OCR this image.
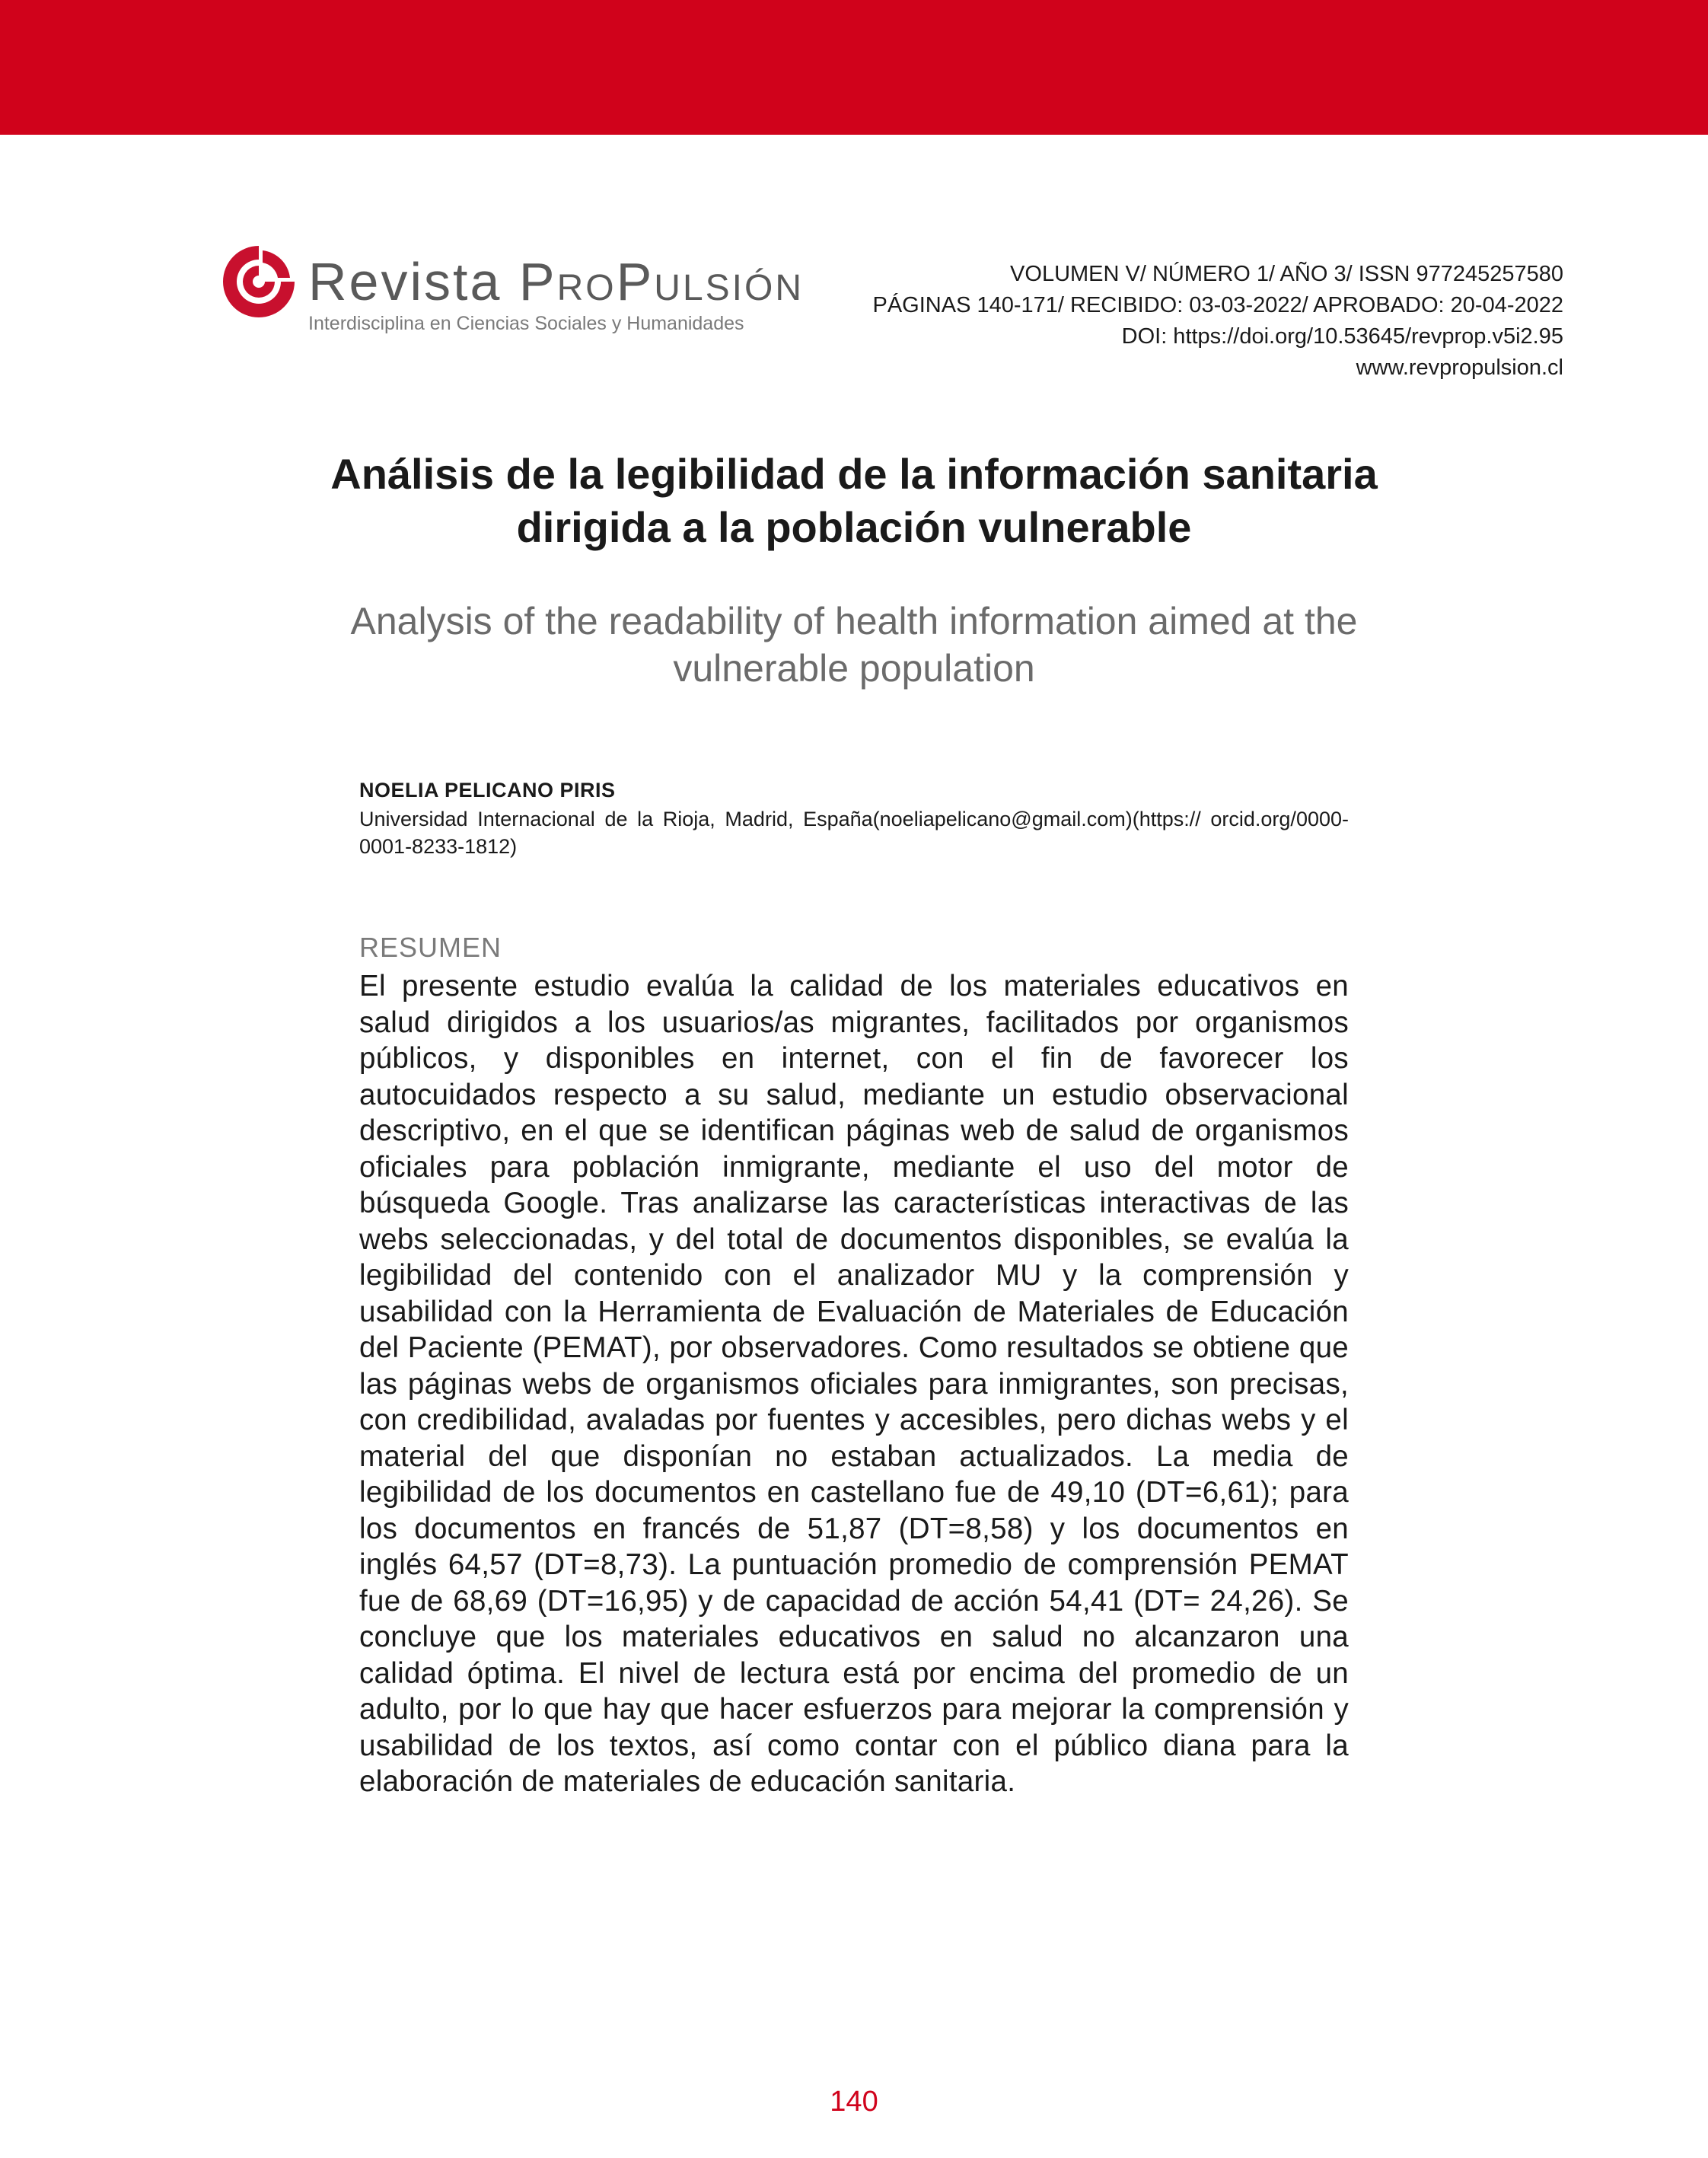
Revista PROPULSIÓN
Interdisciplina en Ciencias Sociales y Humanidades
VOLUMEN V/ NÚMERO 1/ AÑO 3/ ISSN 977245257580
PÁGINAS 140-171/ RECIBIDO: 03-03-2022/ APROBADO: 20-04-2022
DOI: https://doi.org/10.53645/revprop.v5i2.95
www.revpropulsion.cl
Análisis de la legibilidad de la información sanitaria
dirigida a la población vulnerable
Analysis of the readability of health information aimed at the
vulnerable population
NOELIA PELICANO PIRIS
Universidad Internacional de la Rioja, Madrid, España(noeliapelicano@gmail.com)(https:// orcid.org/0000-0001-8233-1812)
RESUMEN
El presente estudio evalúa la calidad de los materiales educativos en salud dirigidos a los usuarios/as migrantes, facilitados por organismos públicos, y disponibles en internet, con el fin de favorecer los autocuidados respecto a su salud, mediante un estudio observacional descriptivo, en el que se identifican páginas web de salud de organismos oficiales para población inmigrante, mediante el uso del motor de búsqueda Google. Tras analizarse las características interactivas de las webs seleccionadas, y del total de documentos disponibles, se evalúa la legibilidad del contenido con el analizador MU y la comprensión y usabilidad con la Herramienta de Evaluación de Materiales de Educación del Paciente (PEMAT), por observadores. Como resultados se obtiene que las páginas webs de organismos oficiales para inmigrantes, son precisas, con credibilidad, avaladas por fuentes y accesibles, pero dichas webs y el material del que disponían no estaban actualizados. La media de legibilidad de los documentos en castellano fue de 49,10 (DT=6,61); para los documentos en francés de 51,87 (DT=8,58) y los documentos en inglés 64,57 (DT=8,73). La puntuación promedio de comprensión PEMAT fue de 68,69 (DT=16,95) y de capacidad de acción 54,41 (DT= 24,26). Se concluye que los materiales educativos en salud no alcanzaron una calidad óptima. El nivel de lectura está por encima del promedio de un adulto, por lo que hay que hacer esfuerzos para mejorar la comprensión y usabilidad de los textos, así como contar con el público diana para la elaboración de materiales de educación sanitaria.
140
